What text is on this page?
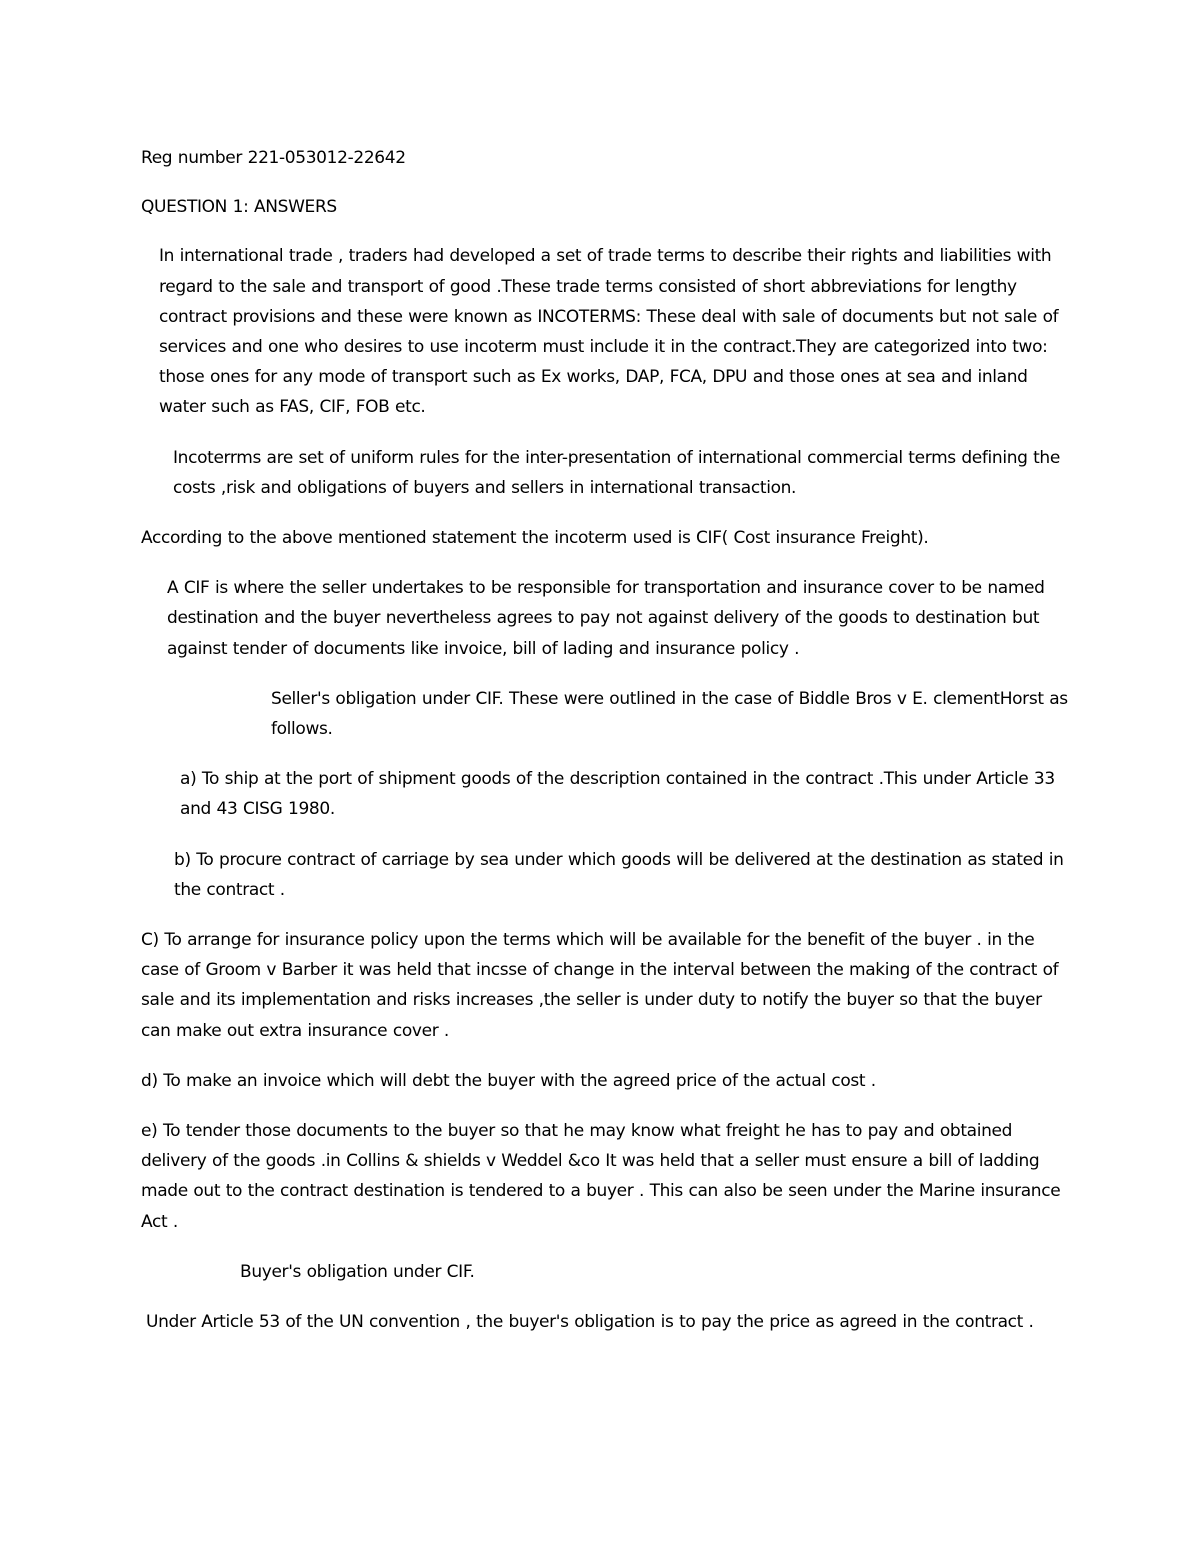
Reg number 221-053012-22642

QUESTION 1: ANSWERS

In international trade , traders had developed a set of trade terms to describe their rights and liabilities with regard to the sale and transport of good .These trade terms consisted of short abbreviations for lengthy contract provisions and these were known as INCOTERMS: These deal with sale of documents but not sale of services and one who desires to use incoterm must include it in the contract.They are categorized into two: those ones for any mode of transport such as Ex works, DAP, FCA, DPU and those ones at sea and inland water such as FAS, CIF, FOB etc.

Incoterrms are set of uniform rules for the inter-presentation of international commercial terms defining the costs ,risk and obligations of buyers and sellers in international transaction.

According to the above mentioned statement the incoterm used is CIF( Cost insurance Freight).

A CIF is where the seller undertakes to be responsible for transportation and insurance cover to be named destination and the buyer nevertheless agrees to pay not against delivery of the goods to destination but against tender of documents like invoice, bill of lading and insurance policy .

Seller's obligation under CIF. These were outlined in the case of Biddle Bros v E. clementHorst as follows.

a) To ship at the port of shipment goods of the description contained in the contract .This under Article 33 and 43 CISG 1980.

b) To procure contract of carriage by sea under which goods will be delivered at the destination as stated in the contract .

C) To arrange for insurance policy upon the terms which will be available for the benefit of the buyer . in the case of Groom v Barber it was held that incsse of change in the interval between the making of the contract of sale and its implementation and risks increases ,the seller is under duty to notify the buyer so that the buyer can make out extra insurance cover .

d) To make an invoice which will debt the buyer with the agreed price of the actual cost .

e) To tender those documents to the buyer so that he may know what freight he has to pay and obtained delivery of the goods .in Collins & shields v Weddel &co It was held that a seller must ensure a bill of ladding made out to the contract destination is tendered to a buyer . This can also be seen under the Marine insurance Act .

Buyer's obligation under CIF.

Under Article 53 of the UN convention , the buyer's obligation is to pay the price as agreed in the contract .
